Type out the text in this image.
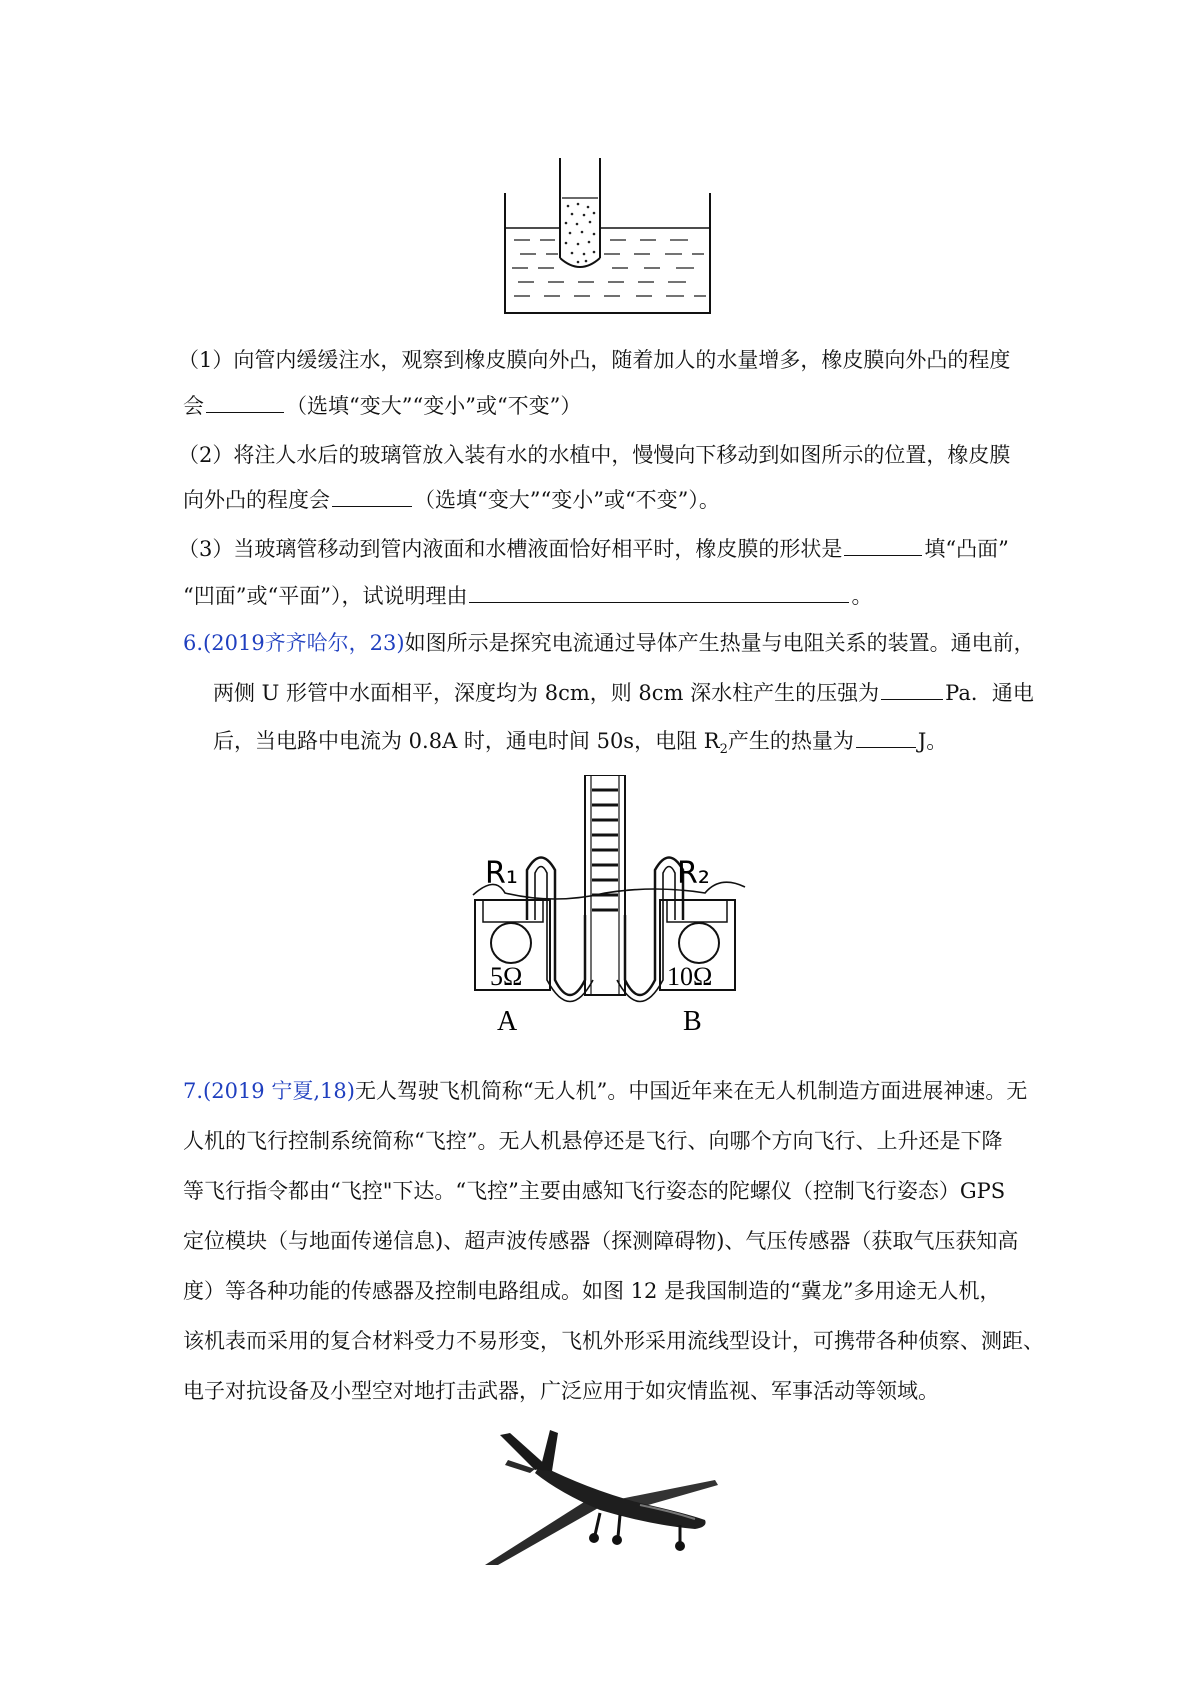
（1）向管内缓缓注水，观察到橡皮膜向外凸，随着加人的水量增多，橡皮膜向外凸的程度
会	（选填“变大”“变小”或“不变”）
（2）将注人水后的玻璃管放入装有水的水植中，慢慢向下移动到如图所示的位置，橡皮膜
向外凸的程度会	（选填“变大”“变小”或“不变”）。
（3）当玻璃管移动到管内液面和水槽液面恰好相平时，橡皮膜的形状是	填“凸面”
“凹面”或“平面”），试说明理由	。
6.(2019齐齐哈尔，23)如图所示是探究电流通过导体产生热量与电阻关系的装置。通电前，
两侧 U 形管中水面相平，深度均为 8cm，则 8cm 深水柱产生的压强为	Pa．通电
后，当电路中电流为 0.8A 时，通电时间 50s，电阻 $R_2$产生的热量为	J。
R₁	R₂
5Ω	10Ω
A	B
7.(2019 宁夏,18)无人驾驶飞机简称“无人机”。中国近年来在无人机制造方面进展神速。无
人机的飞行控制系统简称“飞控”。无人机悬停还是飞行、向哪个方向飞行、上升还是下降
等飞行指令都由“飞控"下达。“飞控”主要由感知飞行姿态的陀螺仪（控制飞行姿态）GPS
定位模块（与地面传递信息)、超声波传感器（探测障碍物)、气压传感器（获取气压获知高
度）等各种功能的传感器及控制电路组成。如图 12 是我国制造的“冀龙”多用途无人机，
该机表而采用的复合材料受力不易形变，飞机外形采用流线型设计，可携带各种侦察、测距、
电子对抗设备及小型空对地打击武器，广泛应用于如灾情监视、军事活动等领域。
